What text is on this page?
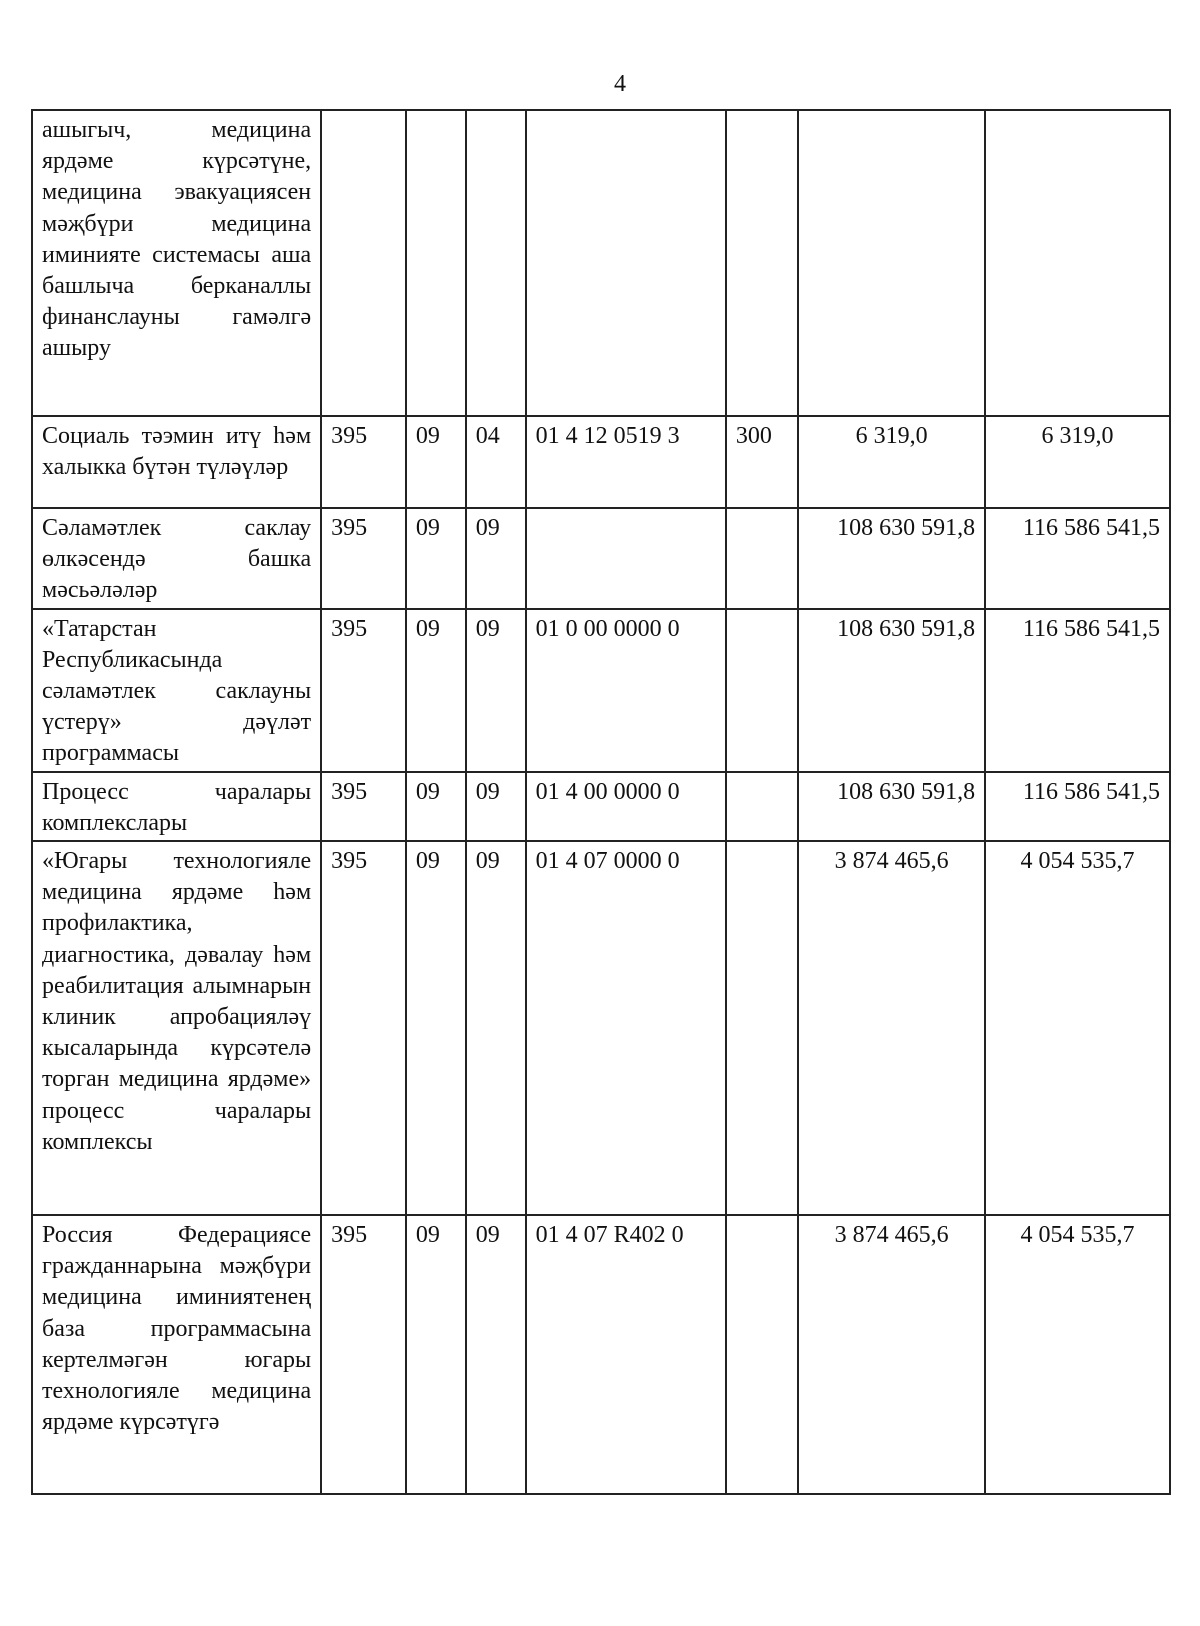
4
ашыгыч, медицина ярдәме күрсәтүне, медицина эвакуациясен мәҗбүри медицина иминияте системасы аша башлыча берканаллы финанслауны гамәлгә ашыру							
Социаль тәэмин итү һәм халыкка бүтән түләүләр	395	09	04	01 4 12 0519 3	300	6 319,0	6 319,0
Сәламәтлек саклау өлкәсендә башка мәсьәләләр	395	09	09			108 630 591,8	116 586 541,5
«Татарстан Республикасында сәламәтлек саклауны үстерү» дәүләт программасы	395	09	09	01 0 00 0000 0		108 630 591,8	116 586 541,5
Процесс чаралары комплекслары	395	09	09	01 4 00 0000 0		108 630 591,8	116 586 541,5
«Югары технологияле медицина ярдәме һәм профилактика, диагностика, дәвалау һәм реабилитация алымнарын клиник апробацияләү кысаларында күрсәтелә торган медицина ярдәме» процесс чаралары комплексы	395	09	09	01 4 07 0000 0		3 874 465,6	4 054 535,7
Россия Федерациясе гражданнарына мәҗбүри медицина иминиятенең база программасына кертелмәгән югары технологияле медицина ярдәме күрсәтүгә	395	09	09	01 4 07 R402 0		3 874 465,6	4 054 535,7
